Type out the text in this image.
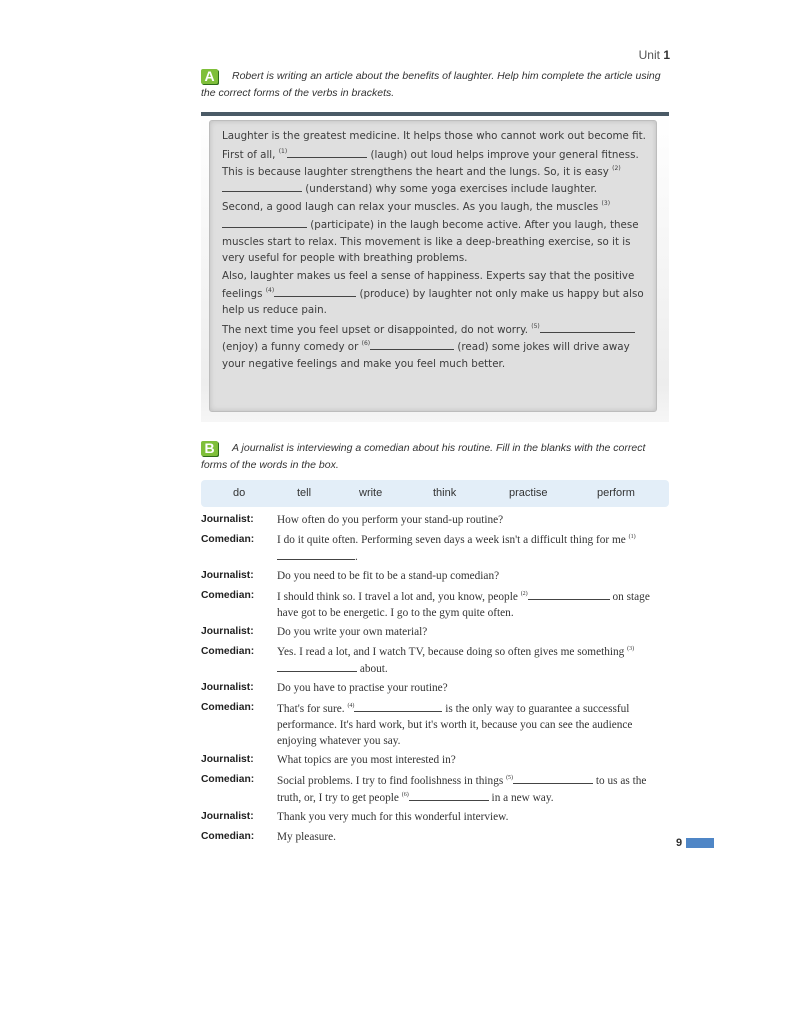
Unit 1
A Robert is writing an article about the benefits of laughter. Help him complete the article using the correct forms of the verbs in brackets.

Laughter is the greatest medicine. It helps those who cannot work out become fit.

First of all, $^{(1)}$	(laugh) out loud helps improve your general fitness. This is because laughter strengthens the heart and the lungs. So, it is easy $^{(2)}$ (understand) why some yoga exercises include laughter.

Second, a good laugh can relax your muscles. As you laugh, the muscles $^{(3)}$ (participate) in the laugh become active. After you laugh, these muscles start to relax. This movement is like a deep-breathing exercise, so it is very useful for people with breathing problems.

Also, laughter makes us feel a sense of happiness. Experts say that the positive feelings $^{(4)}$	(produce) by laughter not only make us happy but also help us reduce pain.

The next time you feel upset or disappointed, do not worry. $^{(5)}$ (enjoy) a funny comedy or $^{(6)}$	(read) some jokes will drive away your negative feelings and make you feel much better.

B A journalist is interviewing a comedian about his routine. Fill in the blanks with the correct forms of the words in the box.
do	tell	write	think	practise	perform
Journalist: How often do you perform your stand-up routine?
Comedian: I do it quite often. Performing seven days a week isn't a difficult thing for me $^{(1)}$.
Journalist: Do you need to be fit to be a stand-up comedian?
Comedian: I should think so. I travel a lot and, you know, people $^{(2)}$	on stage have got to be energetic. I go to the gym quite often.
Journalist: Do you write your own material?
Comedian: Yes. I read a lot, and I watch TV, because doing so often gives me something $^{(3)}$ about.
Journalist: Do you have to practise your routine?
Comedian: That's for sure. $^{(4)}$	is the only way to guarantee a successful performance. It's hard work, but it's worth it, because you can see the audience enjoying whatever you say.
Journalist: What topics are you most interested in?
Comedian: Social problems. I try to find foolishness in things $^{(5)}$	to us as the truth, or, I try to get people $^{(6)}$	in a new way.
Journalist: Thank you very much for this wonderful interview.
Comedian: My pleasure.
9
